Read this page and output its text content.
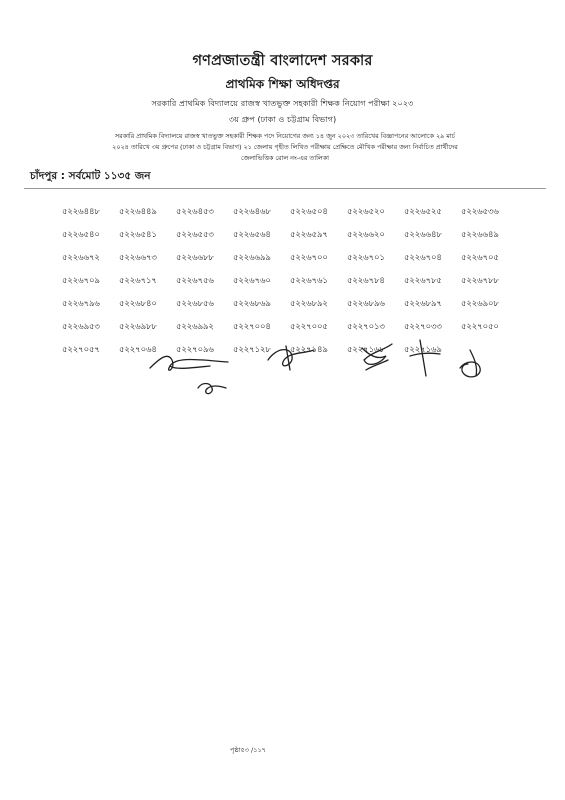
গণপ্রজাতন্ত্রী বাংলাদেশ সরকার
প্রাথমিক শিক্ষা অধিদপ্তর
সরকারি প্রাথমিক বিদ্যালয়ে রাজস্ব খাতভুক্ত সহকারী শিক্ষক নিয়োগ পরীক্ষা ২০২৩
৩য় গ্রুপ (ঢাকা ও চট্টগ্রাম বিভাগ)
সরকারি প্রাথমিক বিদ্যালয়ে রাজস্ব খাতভুক্ত সহকারী শিক্ষক পদে নিয়োগের জন্য ১৪ জুন ২০২৩ তারিখের বিজ্ঞাপনের আলোকে ২৯ মার্চ
২০২৪ তারিখে ৩য় গ্রুপের (ঢাকা ও চট্টগ্রাম বিভাগ) ২১ জেলায় গৃহীত লিখিত পরীক্ষায় প্রেক্ষিতে মৌখিক পরীক্ষার জন্য নির্বাচিত প্রার্থীদের
জেলাভিত্তিক রোল নং-এর তালিকা
চাঁদপুর : সর্বমোট ১১৩৫ জন
৫২২৬৪৪৮	৫২২৬৪৪৯	৫২২৬৪৫৩	৫২২৬৪৬৮	৫২২৬৫০৪	৫২২৬৫২০	৫২২৬৫২৫	৫২২৬৫৩৬
৫২২৬৫৪০	৫২২৬৫৪১	৫২২৬৫৫৩	৫২২৬৫৬৪	৫২২৬৫৯৭	৫২২৬৬২০	৫২২৬৬৪৮	৫২২৬৬৪৯
৫২২৬৬৭২	৫২২৬৬৭৩	৫২২৬৬৮৮	৫২২৬৬৯৯	৫২২৬৭০০	৫২২৬৭০১	৫২২৬৭০৪	৫২২৬৭০৫
৫২২৬৭০৯	৫২২৬৭১৭	৫২২৬৭৫৬	৫২২৬৭৬০	৫২২৬৭৬১	৫২২৬৭৮৪	৫২২৬৭৮৫	৫২২৬৭৮৮
৫২২৬৭৯৬	৫২২৬৮৪০	৫২২৬৮৫৬	৫২২৬৮৬৯	৫২২৬৮৯২	৫২২৬৮৯৬	৫২২৬৮৯৭	৫২২৬৯০৮
৫২২৬৯৫৩	৫২২৬৯৮৮	৫২২৬৯৯২	৫২২৭০০৪	৫২২৭০০৫	৫২২৭০১৩	৫২২৭০৩৩	৫২২৭০৫০
৫২২৭০৫৭	৫২২৭০৬৪	৫২২৭০৯৬	৫২২৭১২৮	৫২২৭১৪৯	৫২২৭১৬৮	৫২২৭১৬৯
পৃষ্ঠা৫৩ /১১৭
